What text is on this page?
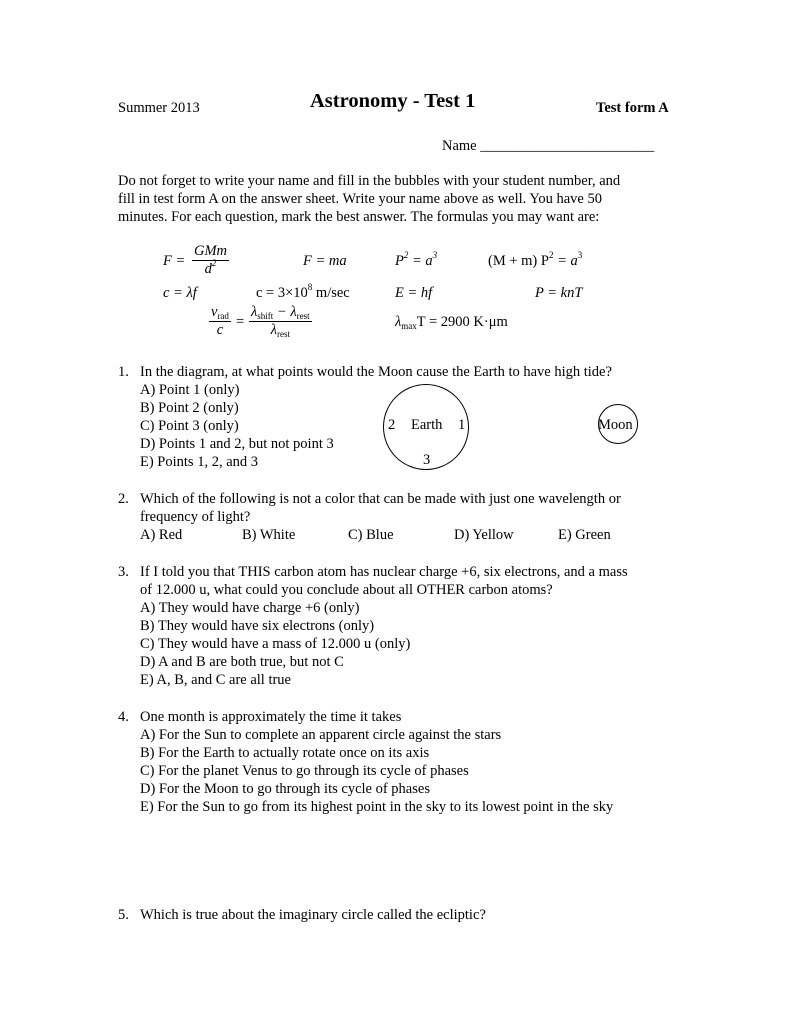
Summer 2013	Astronomy - Test 1	Test form A
Name ________________________
Do not forget to write your name and fill in the bubbles with your student number, and
fill in test form A on the answer sheet. Write your name above as well. You have 50
minutes. For each question, mark the best answer. The formulas you may want are:
F =
GMm
$d^2$	F = ma	$P^2 = a^3$	(M + m) $P^2 = a^3$
c = λf	$c = 3\times 10^8$ m/sec	E = hf	P = knT
$v_{rad}$
c =
$\lambda_{shift} - \lambda_{rest}$
$\lambda_{rest}$
$\lambda_{max}T = 2900$ K·μm
1. In the diagram, at what points would the Moon cause the Earth to have high tide?
A) Point 1 (only)
B) Point 2 (only)
C) Point 3 (only)
D) Points 1 and 2, but not point 3
E) Points 1, 2, and 3
2 Earth 1
3
Moon
2. Which of the following is not a color that can be made with just one wavelength or
frequency of light?
A) Red	B) White	C) Blue	D) Yellow	E) Green
3. If I told you that THIS carbon atom has nuclear charge +6, six electrons, and a mass
of 12.000 u, what could you conclude about all OTHER carbon atoms?
A) They would have charge +6 (only)
B) They would have six electrons (only)
C) They would have a mass of 12.000 u (only)
D) A and B are both true, but not C
E) A, B, and C are all true
4. One month is approximately the time it takes
A) For the Sun to complete an apparent circle against the stars
B) For the Earth to actually rotate once on its axis
C) For the planet Venus to go through its cycle of phases
D) For the Moon to go through its cycle of phases
E) For the Sun to go from its highest point in the sky to its lowest point in the sky
5. Which is true about the imaginary circle called the ecliptic?
